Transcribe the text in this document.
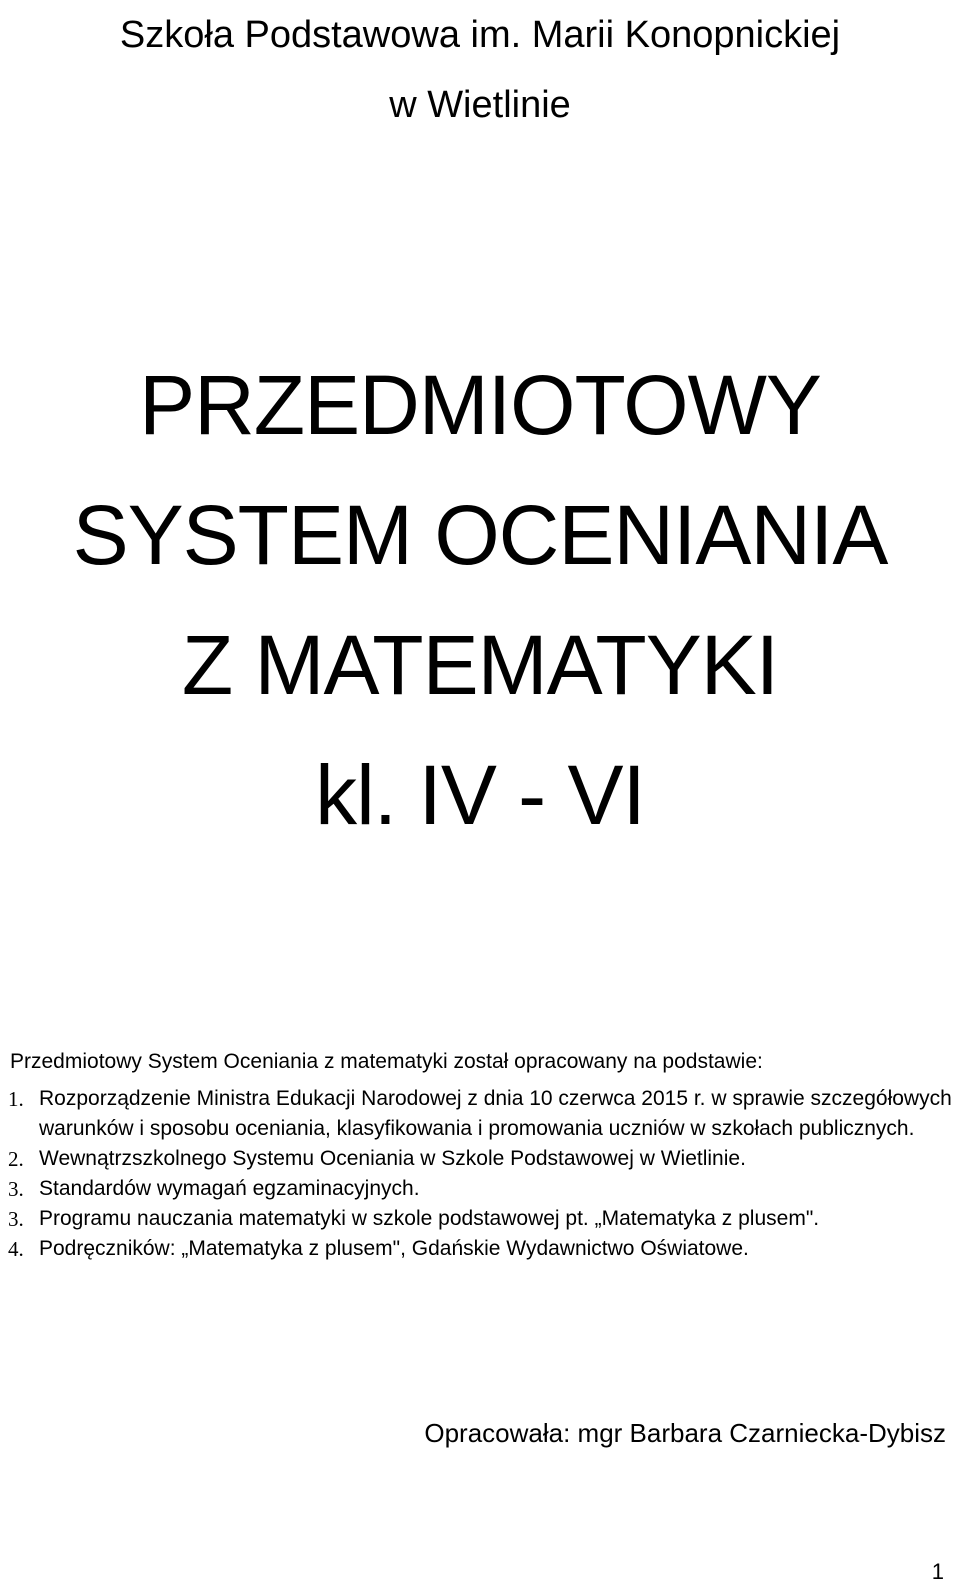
Szkoła Podstawowa im. Marii Konopnickiej
w Wietlinie
PRZEDMIOTOWY
SYSTEM OCENIANIA
Z MATEMATYKI
kl. IV - VI
Przedmiotowy System Oceniania z matematyki został opracowany na podstawie:
1. Rozporządzenie Ministra Edukacji Narodowej z dnia 10 czerwca 2015 r. w sprawie szczegółowych warunków i sposobu oceniania, klasyfikowania i promowania uczniów w szkołach publicznych.
2. Wewnątrzszkolnego Systemu Oceniania w Szkole Podstawowej w Wietlinie.
3. Standardów wymagań egzaminacyjnych.
3. Programu nauczania matematyki w szkole podstawowej pt. „Matematyka z plusem".
4. Podręczników: „Matematyka z plusem", Gdańskie Wydawnictwo Oświatowe.
Opracowała: mgr Barbara Czarniecka-Dybisz
1
